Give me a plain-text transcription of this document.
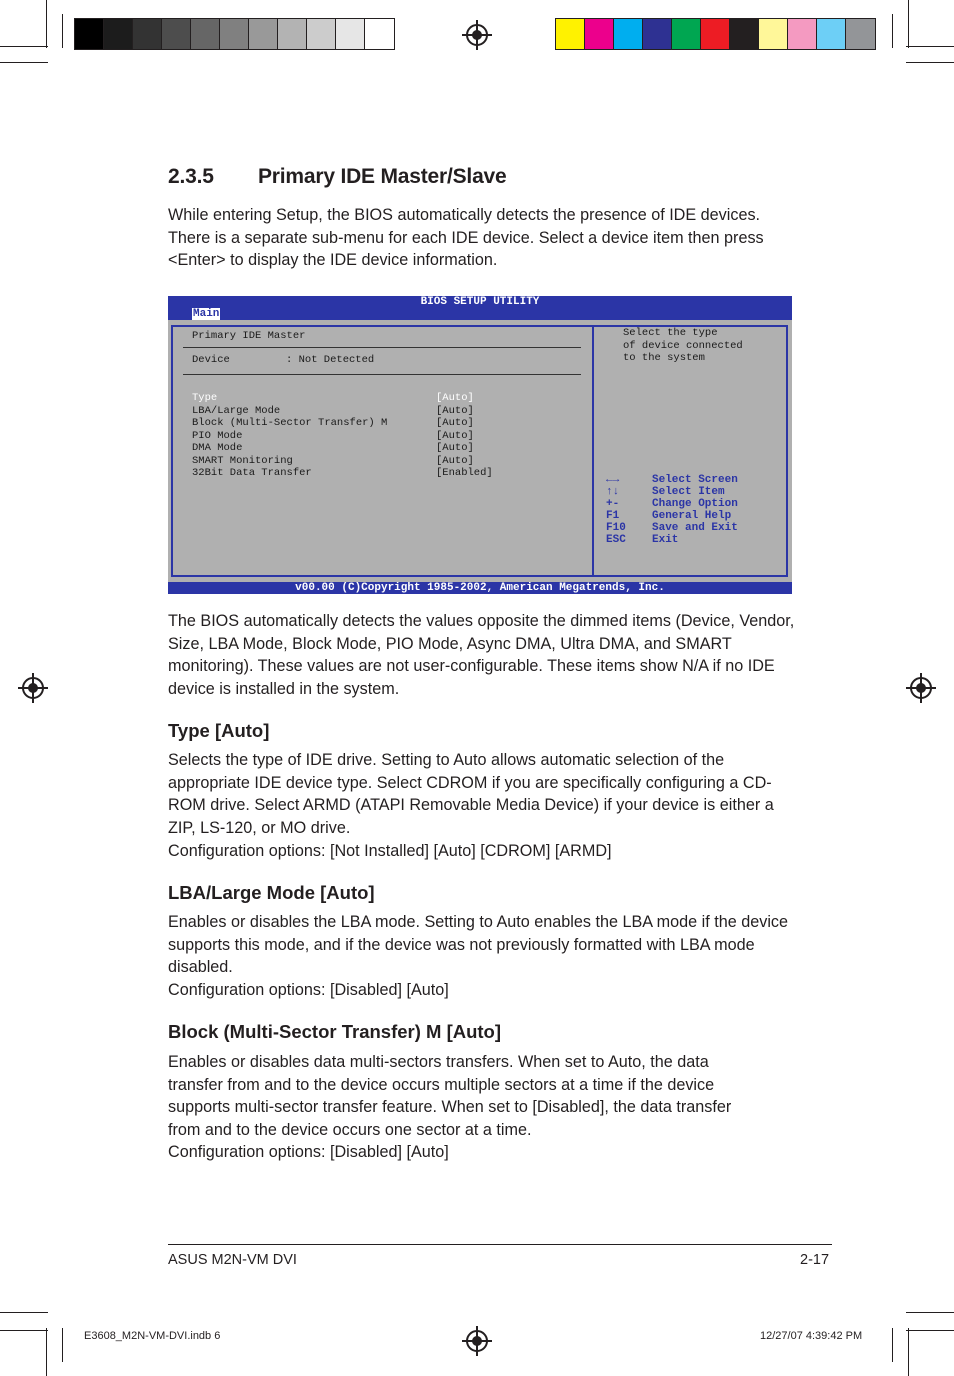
2.3.5 Primary IDE Master/Slave

While entering Setup, the BIOS automatically detects the presence of IDE devices. There is a separate sub-menu for each IDE device. Select a device item then press <Enter> to display the IDE device information.

BIOS SETUP UTILITY
Main
Primary IDE Master
Device	: Not Detected
Type	[Auto]
LBA/Large Mode	[Auto]
Block (Multi-Sector Transfer) M	[Auto]
PIO Mode	[Auto]
DMA Mode	[Auto]
SMART Monitoring	[Auto]
32Bit Data Transfer	[Enabled]
Select the type
of device connected
to the system
←→	Select Screen
↑↓	Select Item
+-	Change Option
F1	General Help
F10 Save and Exit
ESC Exit
v00.00 (C)Copyright 1985-2002, American Megatrends, Inc.

The BIOS automatically detects the values opposite the dimmed items (Device, Vendor, Size, LBA Mode, Block Mode, PIO Mode, Async DMA, Ultra DMA, and SMART monitoring). These values are not user-configurable. These items show N/A if no IDE device is installed in the system.

Type [Auto]

Selects the type of IDE drive. Setting to Auto allows automatic selection of the appropriate IDE device type. Select CDROM if you are specifically configuring a CD-ROM drive. Select ARMD (ATAPI Removable Media Device) if your device is either a ZIP, LS-120, or MO drive.

Configuration options: [Not Installed] [Auto] [CDROM] [ARMD]

LBA/Large Mode [Auto]

Enables or disables the LBA mode. Setting to Auto enables the LBA mode if the device supports this mode, and if the device was not previously formatted with LBA mode disabled.

Configuration options: [Disabled] [Auto]

Block (Multi-Sector Transfer) M [Auto]

Enables or disables data multi-sectors transfers. When set to Auto, the data transfer from and to the device occurs multiple sectors at a time if the device supports multi-sector transfer feature. When set to [Disabled], the data transfer from and to the device occurs one sector at a time.

Configuration options: [Disabled] [Auto]

ASUS M2N-VM DVI	2-17
E3608_M2N-VM-DVI.indb 6	12/27/07 4:39:42 PM
